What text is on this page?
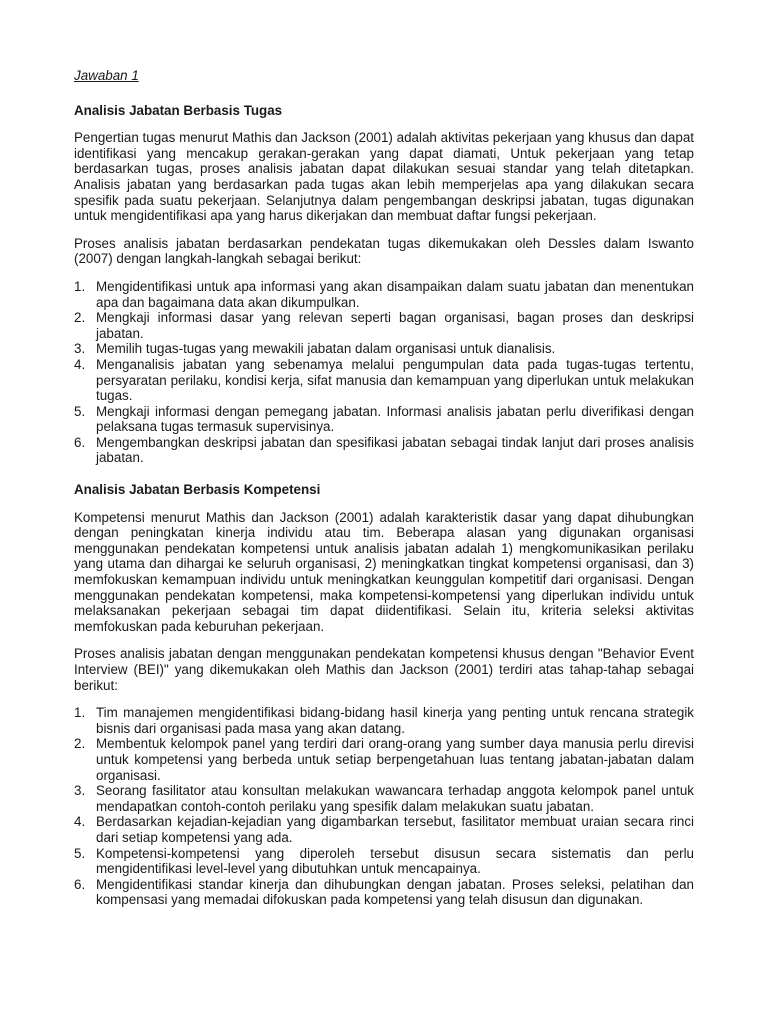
Jawaban 1
Analisis Jabatan Berbasis Tugas

Pengertian tugas menurut Mathis dan Jackson (2001) adalah aktivitas pekerjaan yang khusus dan dapat identifikasi yang mencakup gerakan-gerakan yang dapat diamati, Untuk pekerjaan yang tetap berdasarkan tugas, proses analisis jabatan dapat dilakukan sesuai standar yang telah ditetapkan. Analisis jabatan yang berdasarkan pada tugas akan lebih memperjelas apa yang dilakukan secara spesifik pada suatu pekerjaan. Selanjutnya dalam pengembangan deskripsi jabatan, tugas digunakan untuk mengidentifikasi apa yang harus dikerjakan dan membuat daftar fungsi pekerjaan.

Proses analisis jabatan berdasarkan pendekatan tugas dikemukakan oleh Dessles dalam Iswanto (2007) dengan langkah-langkah sebagai berikut:

1. Mengidentifikasi untuk apa informasi yang akan disampaikan dalam suatu jabatan dan menentukan apa dan bagaimana data akan dikumpulkan.
2. Mengkaji informasi dasar yang relevan seperti bagan organisasi, bagan proses dan deskripsi jabatan.
3. Memilih tugas-tugas yang mewakili jabatan dalam organisasi untuk dianalisis.
4. Menganalisis jabatan yang sebenamya melalui pengumpulan data pada tugas-tugas tertentu, persyaratan perilaku, kondisi kerja, sifat manusia dan kemampuan yang diperlukan untuk melakukan tugas.
5. Mengkaji informasi dengan pemegang jabatan. Informasi analisis jabatan perlu diverifikasi dengan pelaksana tugas termasuk supervisinya.
6. Mengembangkan deskripsi jabatan dan spesifikasi jabatan sebagai tindak lanjut dari proses analisis jabatan.
Analisis Jabatan Berbasis Kompetensi

Kompetensi menurut Mathis dan Jackson (2001) adalah karakteristik dasar yang dapat dihubungkan dengan peningkatan kinerja individu atau tim. Beberapa alasan yang digunakan organisasi menggunakan pendekatan kompetensi untuk analisis jabatan adalah 1) mengkomunikasikan perilaku yang utama dan dihargai ke seluruh organisasi, 2) meningkatkan tingkat kompetensi organisasi, dan 3) memfokuskan kemampuan individu untuk meningkatkan keunggulan kompetitif dari organisasi. Dengan menggunakan pendekatan kompetensi, maka kompetensi-kompetensi yang diperlukan individu untuk melaksanakan pekerjaan sebagai tim dapat diidentifikasi. Selain itu, kriteria seleksi aktivitas memfokuskan pada keburuhan pekerjaan.

Proses analisis jabatan dengan menggunakan pendekatan kompetensi khusus dengan "Behavior Event Interview (BEI)" yang dikemukakan oleh Mathis dan Jackson (2001) terdiri atas tahap-tahap sebagai berikut:

1. Tim manajemen mengidentifikasi bidang-bidang hasil kinerja yang penting untuk rencana strategik bisnis dari organisasi pada masa yang akan datang.
2. Membentuk kelompok panel yang terdiri dari orang-orang yang sumber daya manusia perlu direvisi untuk kompetensi yang berbeda untuk setiap berpengetahuan luas tentang jabatan-jabatan dalam organisasi.
3. Seorang fasilitator atau konsultan melakukan wawancara terhadap anggota kelompok panel untuk mendapatkan contoh-contoh perilaku yang spesifik dalam melakukan suatu jabatan.
4. Berdasarkan kejadian-kejadian yang digambarkan tersebut, fasilitator membuat uraian secara rinci dari setiap kompetensi yang ada.
5. Kompetensi-kompetensi yang diperoleh tersebut disusun secara sistematis dan perlu mengidentifikasi level-level yang dibutuhkan untuk mencapainya.
6. Mengidentifikasi standar kinerja dan dihubungkan dengan jabatan. Proses seleksi, pelatihan dan kompensasi yang memadai difokuskan pada kompetensi yang telah disusun dan digunakan.
